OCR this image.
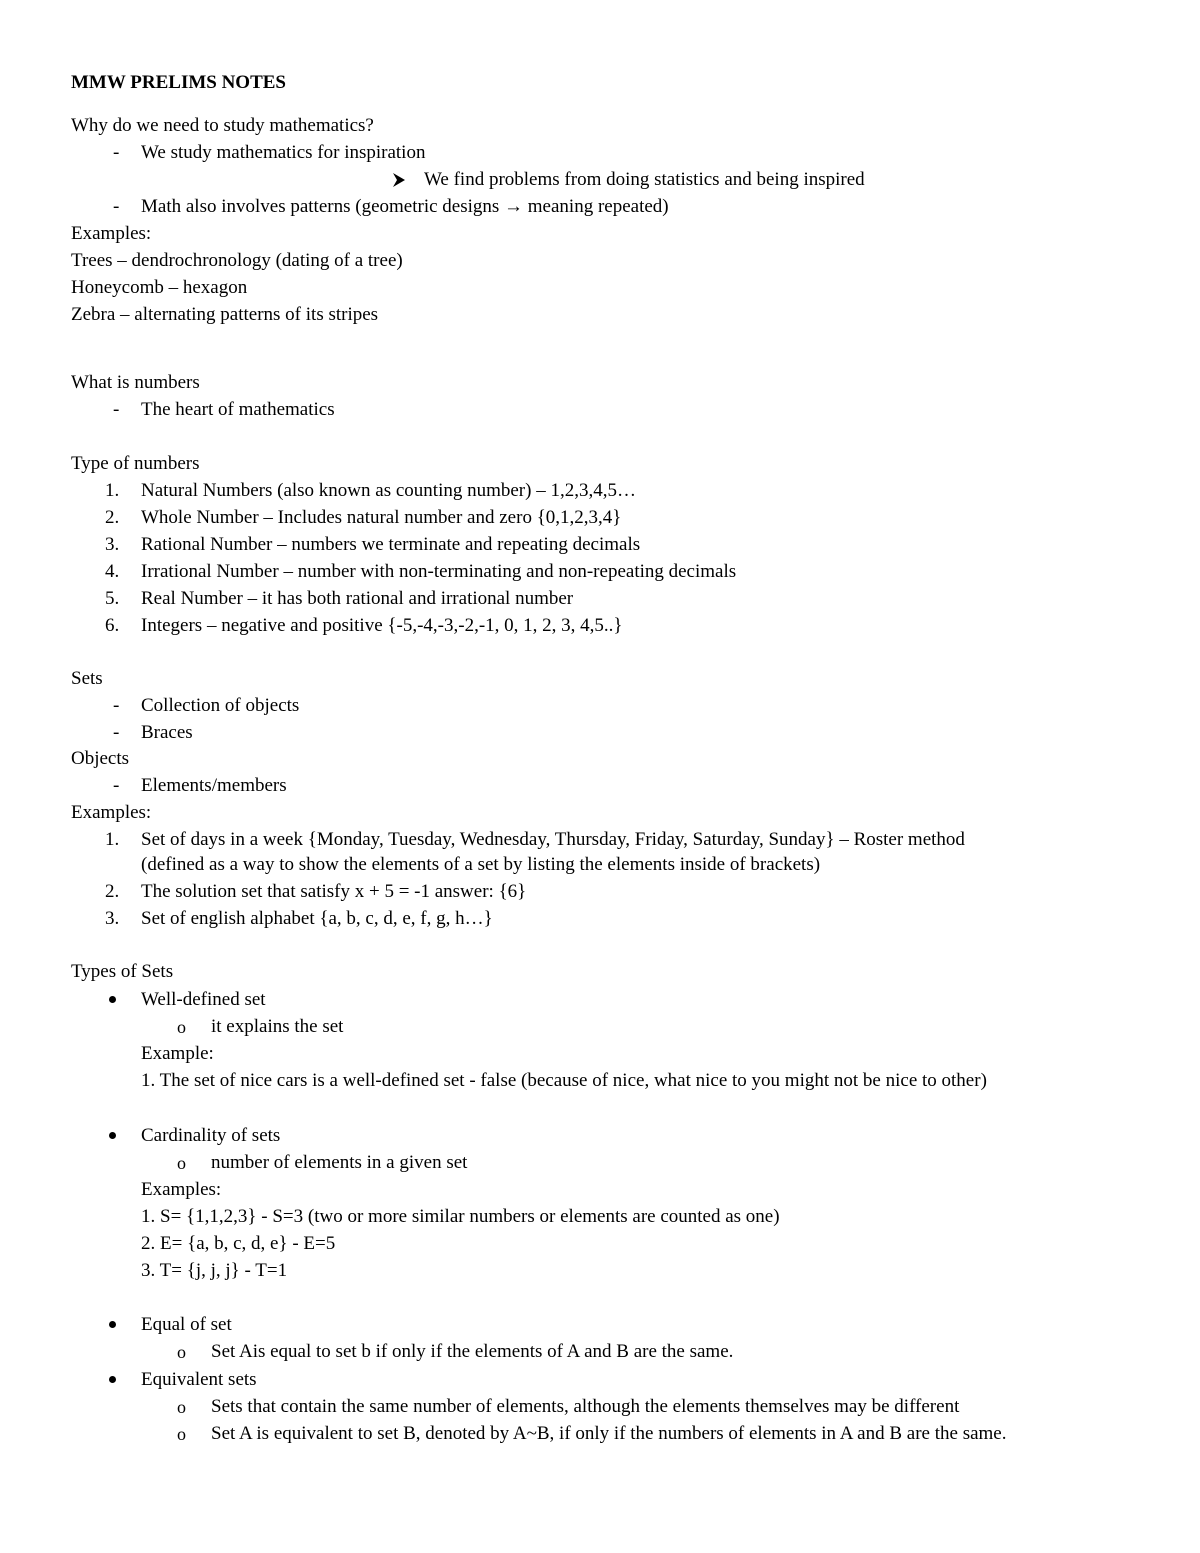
MMW PRELIMS NOTES
Why do we need to study mathematics?
- We study mathematics for inspiration
We find problems from doing statistics and being inspired
- Math also involves patterns (geometric designs → meaning repeated)
Examples:
Trees – dendrochronology (dating of a tree)
Honeycomb – hexagon
Zebra – alternating patterns of its stripes
What is numbers
- The heart of mathematics
Type of numbers
1. Natural Numbers (also known as counting number) – 1,2,3,4,5…
2. Whole Number – Includes natural number and zero {0,1,2,3,4}
3. Rational Number – numbers we terminate and repeating decimals
4. Irrational Number – number with non-terminating and non-repeating decimals
5. Real Number – it has both rational and irrational number
6. Integers – negative and positive {-5,-4,-3,-2,-1, 0, 1, 2, 3, 4,5..}
Sets
- Collection of objects
- Braces
Objects
- Elements/members
Examples:
1. Set of days in a week {Monday, Tuesday, Wednesday, Thursday, Friday, Saturday, Sunday} – Roster method
(defined as a way to show the elements of a set by listing the elements inside of brackets)
2. The solution set that satisfy x + 5 = -1 answer: {6}
3. Set of english alphabet {a, b, c, d, e, f, g, h…}
Types of Sets
Well-defined set
o it explains the set
Example:
1. The set of nice cars is a well-defined set - false (because of nice, what nice to you might not be nice to other)
Cardinality of sets
o number of elements in a given set
Examples:
1. S= {1,1,2,3} - S=3 (two or more similar numbers or elements are counted as one)
2. E= {a, b, c, d, e} - E=5
3. T= {j, j, j} - T=1
Equal of set
o Set Ais equal to set b if only if the elements of A and B are the same.
Equivalent sets
o Sets that contain the same number of elements, although the elements themselves may be different
o Set A is equivalent to set B, denoted by A~B, if only if the numbers of elements in A and B are the same.
